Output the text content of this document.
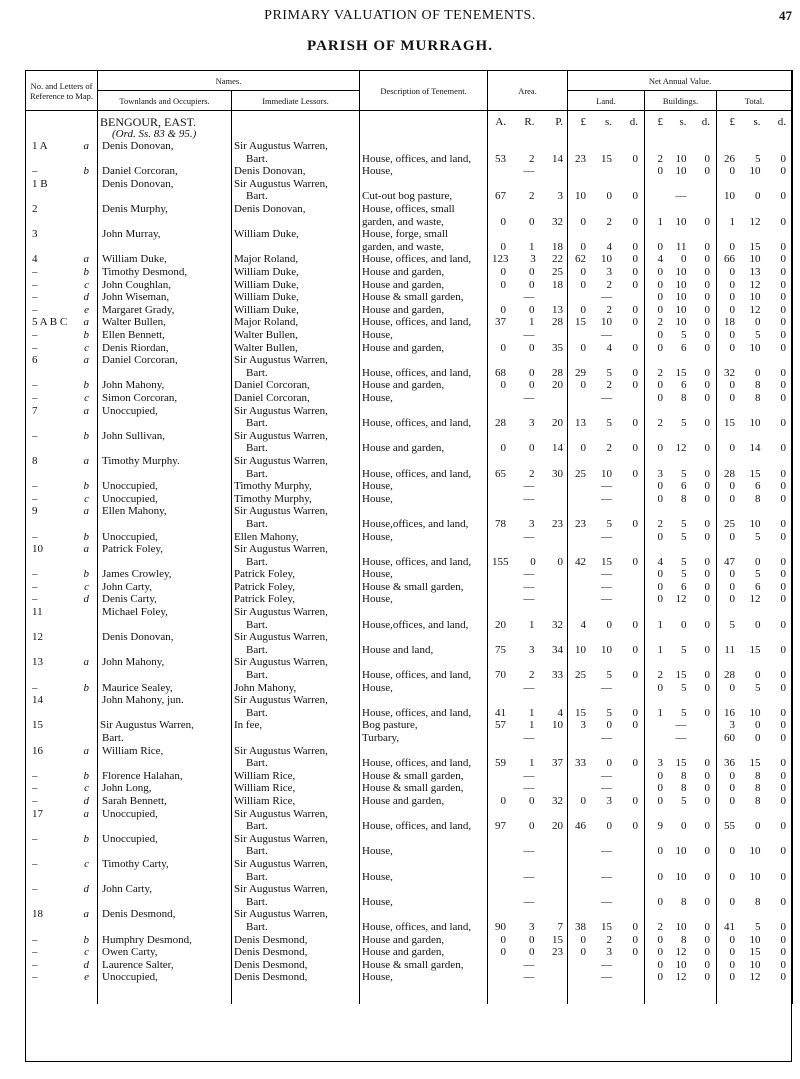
PRIMARY VALUATION OF TENEMENTS.	47
PARISH OF MURRAGH.
No. and Letters of Reference to Map.	Names.		Description of Tenement.	Area.	Net Annual Value.		
	Townlands and Occupiers.	Immediate Lessors.			Land.	Buildings.	Total.

	BENGOUR, EAST.			A. R. P.	£ s. d.	£ s. d.	£ s. d.

	(Ord. Ss. 83 & 95.)						

1 A a	Denis Donovan,	Sir Augustus Warren,		

		Bart.	House, offices, and land,	53 2 14	23 15 0	2 10 0	26 5 0

– b	Daniel Corcoran,	Denis Donovan,	House,	—		0 10 0	0 10 0

1 B	Denis Donovan,	Sir Augustus Warren,		

		Bart.	Cut-out bog pasture,	67 2 3	10 0 0	—	10 0 0

2	Denis Murphy,	Denis Donovan,	House, offices, small	

			garden, and waste,	0 0 32	0 2 0	1 10 0	1 12 0

3	John Murray,	William Duke,	House, forge, small	

			garden, and waste,	0 1 18	0 4 0	0 11 0	0 15 0

4 a	William Duke,	Major Roland,	House, offices, and land,	123 3 22	62 10 0	4 0 0	66 10 0

– b	Timothy Desmond,	William Duke,	House and garden,	0 0 25	0 3 0	0 10 0	0 13 0

– c	John Coughlan,	William Duke,	House and garden,	0 0 18	0 2 0	0 10 0	0 12 0

– d	John Wiseman,	William Duke,	House & small garden,	—	—	0 10 0	0 10 0

– e	Margaret Grady,	William Duke,	House and garden,	0 0 13	0 2 0	0 10 0	0 12 0

5 A B C a	Walter Bullen,	Major Roland,	House, offices, and land,	37 1 28	15 10 0	2 10 0	18 0 0

– b	Ellen Bennett,	Walter Bullen,	House,	—	—	0 5 0	0 5 0

– c	Denis Riordan,	Walter Bullen,	House and garden,	0 0 35	0 4 0	0 6 0	0 10 0

6 a	Daniel Corcoran,	Sir Augustus Warren,		

		Bart.	House, offices, and land,	68 0 28	29 5 0	2 15 0	32 0 0

– b	John Mahony,	Daniel Corcoran,	House and garden,	0 0 20	0 2 0	0 6 0	0 8 0

– c	Simon Corcoran,	Daniel Corcoran,	House,	—	—	0 8 0	0 8 0

7 a	Unoccupied,	Sir Augustus Warren,		

		Bart.	House, offices, and land,	28 3 20	13 5 0	2 5 0	15 10 0

– b	John Sullivan,	Sir Augustus Warren,		

		Bart.	House and garden,	0 0 14	0 2 0	0 12 0	0 14 0

8 a	Timothy Murphy.	Sir Augustus Warren,		

		Bart.	House, offices, and land,	65 2 30	25 10 0	3 5 0	28 15 0

– b	Unoccupied,	Timothy Murphy,	House,	—	—	0 6 0	0 6 0

– c	Unoccupied,	Timothy Murphy,	House,	—	—	0 8 0	0 8 0

9 a	Ellen Mahony,	Sir Augustus Warren,		

		Bart.	House,offices, and land,	78 3 23	23 5 0	2 5 0	25 10 0

– b	Unoccupied,	Ellen Mahony,	House,	—	—	0 5 0	0 5 0

10 a	Patrick Foley,	Sir Augustus Warren,		

		Bart.	House, offices, and land,	155 0 0	42 15 0	4 5 0	47 0 0

– b	James Crowley,	Patrick Foley,	House,	—	—	0 5 0	0 5 0

– c	John Carty,	Patrick Foley,	House & small garden,	—	—	0 6 0	0 6 0

– d	Denis Carty,	Patrick Foley,	House,	—	—	0 12 0	0 12 0

11	Michael Foley,	Sir Augustus Warren,		

		Bart.	House,offices, and land,	20 1 32	4 0 0	1 0 0	5 0 0

12	Denis Donovan,	Sir Augustus Warren,		

		Bart.	House and land,	75 3 34	10 10 0	1 5 0	11 15 0

13 a	John Mahony,	Sir Augustus Warren,		

		Bart.	House, offices, and land,	70 2 33	25 5 0	2 15 0	28 0 0

– b	Maurice Sealey,	John Mahony,	House,	—	—	0 5 0	0 5 0

14	John Mahony, jun.	Sir Augustus Warren,		

		Bart.	House, offices, and land,	41 1 4	15 5 0	1 5 0	16 10 0

15	Sir Augustus Warren,	In fee,	Bog pasture,	57 1 10	3 0 0	—	3 0 0

	Bart.		Turbary,	—	—	—	60 0 0

16 a	William Rice,	Sir Augustus Warren,		

		Bart.	House, offices, and land,	59 1 37	33 0 0	3 15 0	36 15 0

– b	Florence Halahan,	William Rice,	House & small garden,	—	—	0 8 0	0 8 0

– c	John Long,	William Rice,	House & small garden,	—	—	0 8 0	0 8 0

– d	Sarah Bennett,	William Rice,	House and garden,	0 0 32	0 3 0	0 5 0	0 8 0

17 a	Unoccupied,	Sir Augustus Warren,		

		Bart.	House, offices, and land,	97 0 20	46 0 0	9 0 0	55 0 0

– b	Unoccupied,	Sir Augustus Warren,		

		Bart.	House,	—	—	0 10 0	0 10 0

– c	Timothy Carty,	Sir Augustus Warren,		

		Bart.	House,	—	—	0 10 0	0 10 0

– d	John Carty,	Sir Augustus Warren,		

		Bart.	House,	—	—	0 8 0	0 8 0

18 a	Denis Desmond,	Sir Augustus Warren,		

		Bart.	House, offices, and land,	90 3 7	38 15 0	2 10 0	41 5 0

– b	Humphry Desmond,	Denis Desmond,	House and garden,	0 0 15	0 2 0	0 8 0	0 10 0

– c	Owen Carty,	Denis Desmond,	House and garden,	0 0 23	0 3 0	0 12 0	0 15 0

– d	Laurence Salter,	Denis Desmond,	House & small garden,	—	—	0 10 0	0 10 0

– e	Unoccupied,	Denis Desmond,	House,	—	—	0 12 0	0 12 0
